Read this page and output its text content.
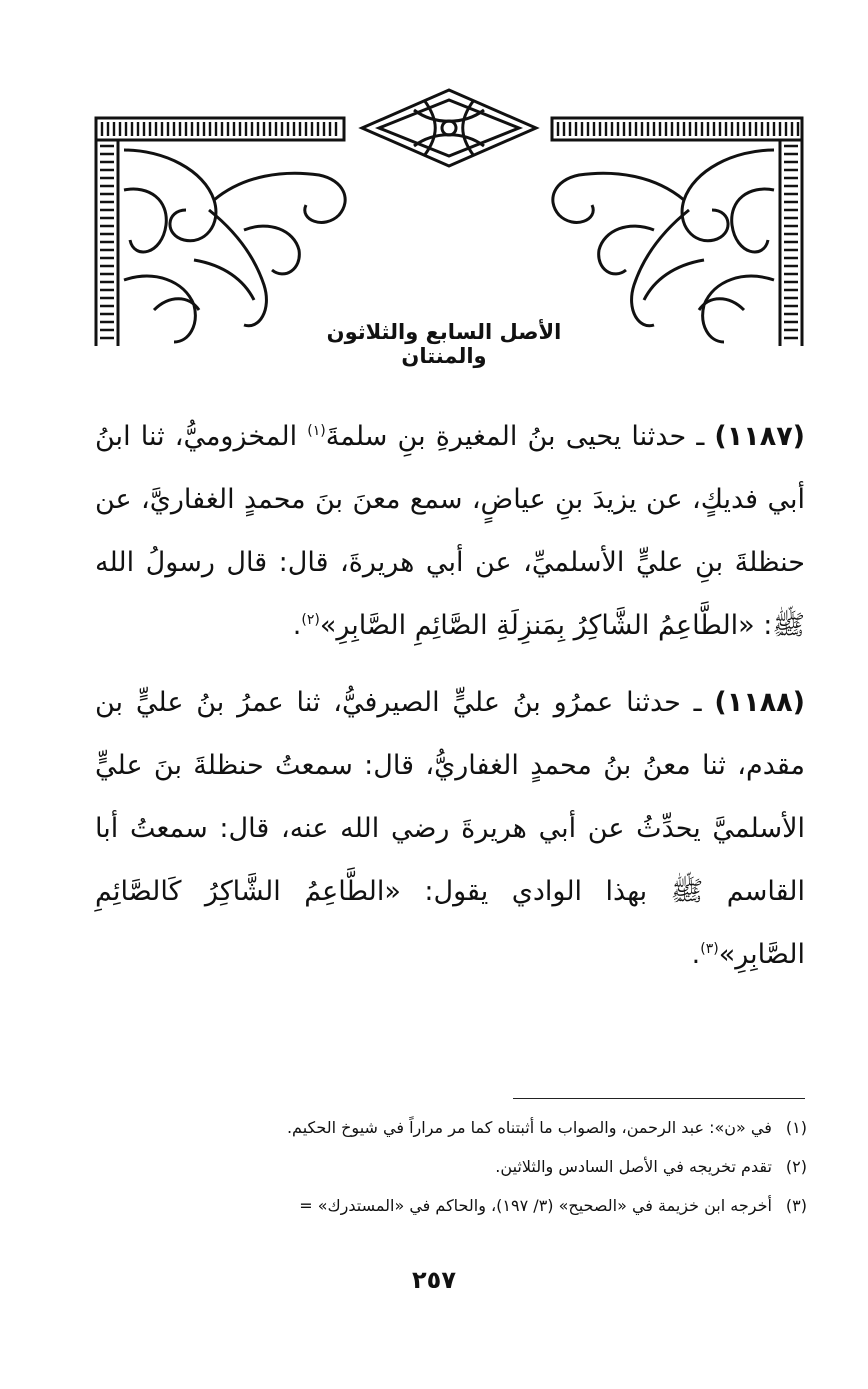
الأصل السابع والثلاثون والمنتان

(١١٨٧) ـ حدثنا يحيى بنُ المغيرةِ بنِ سلمةَ$^{(١)}$ المخزوميُّ، ثنا ابنُ أبي فديكٍ، عن يزيدَ بنِ عياضٍ، سمع معنَ بنَ محمدٍ الغفاريَّ، عن حنظلةَ بنِ عليٍّ الأسلميِّ، عن أبي هريرةَ، قال: قال رسولُ الله ﷺ: «الطَّاعِمُ الشَّاكِرُ بِمَنزِلَةِ الصَّائِمِ الصَّابِرِ»$^{(٢)}$.

(١١٨٨) ـ حدثنا عمرُو بنُ عليٍّ الصيرفيُّ، ثنا عمرُ بنُ عليٍّ بن مقدم، ثنا معنُ بنُ محمدٍ الغفاريُّ، قال: سمعتُ حنظلةَ بنَ عليٍّ الأسلميَّ يحدِّثُ عن أبي هريرةَ رضي الله عنه، قال: سمعتُ أبا القاسم ﷺ بهذا الوادي يقول: «الطَّاعِمُ الشَّاكِرُ كَالصَّائِمِ الصَّابِرِ»$^{(٣)}$.

(١)في «ن»: عبد الرحمن، والصواب ما أثبتناه كما مر مراراً في شيوخ الحكيم.
(٢)تقدم تخريجه في الأصل السادس والثلاثين.
(٣)أخرجه ابن خزيمة في «الصحيح» (٣/ ١٩٧)، والحاكم في «المستدرك» =
٢٥٧
